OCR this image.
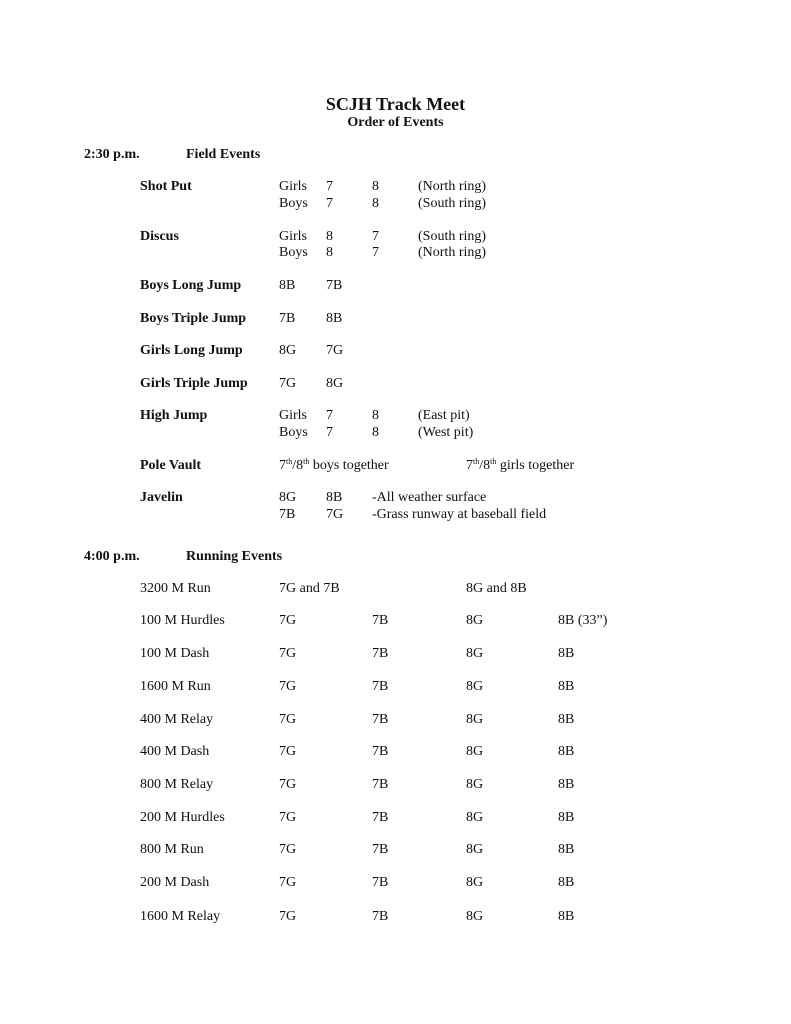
SCJH Track Meet
Order of Events
2:30 p.m.	Field Events
Shot Put	Girls 7	8	(North ring)
Boys 7	8	(South ring)
Discus	Girls 8	7	(South ring)
Boys 8	7	(North ring)
Boys Long Jump	8B 7B
Boys Triple Jump 7B 8B
Girls Long Jump	8G 7G
Girls Triple Jump 7G 8G
High Jump	Girls 7	8	(East pit)
Boys 7	8	(West pit)
Javelin	8G 8B -All weather surface
7B 7G -Grass runway at baseball field
Pole Vault	7th/8th boys together	7th/8th girls together
4:00 p.m.	Running Events
3200 M Run	7G and 7B	8G and 8B
100 M Hurdles	7G	7B	8G	8B (33”)
100 M Dash	7G	7B	8G	8B
1600 M Run	7G	7B	8G	8B
400 M Relay	7G	7B	8G	8B
400 M Dash	7G	7B	8G	8B
800 M Relay	7G	7B	8G	8B
200 M Hurdles	7G	7B	8G	8B
800 M Run	7G	7B	8G	8B
200 M Dash	7G	7B	8G	8B
1600 M Relay	7G	7B	8G	8B
